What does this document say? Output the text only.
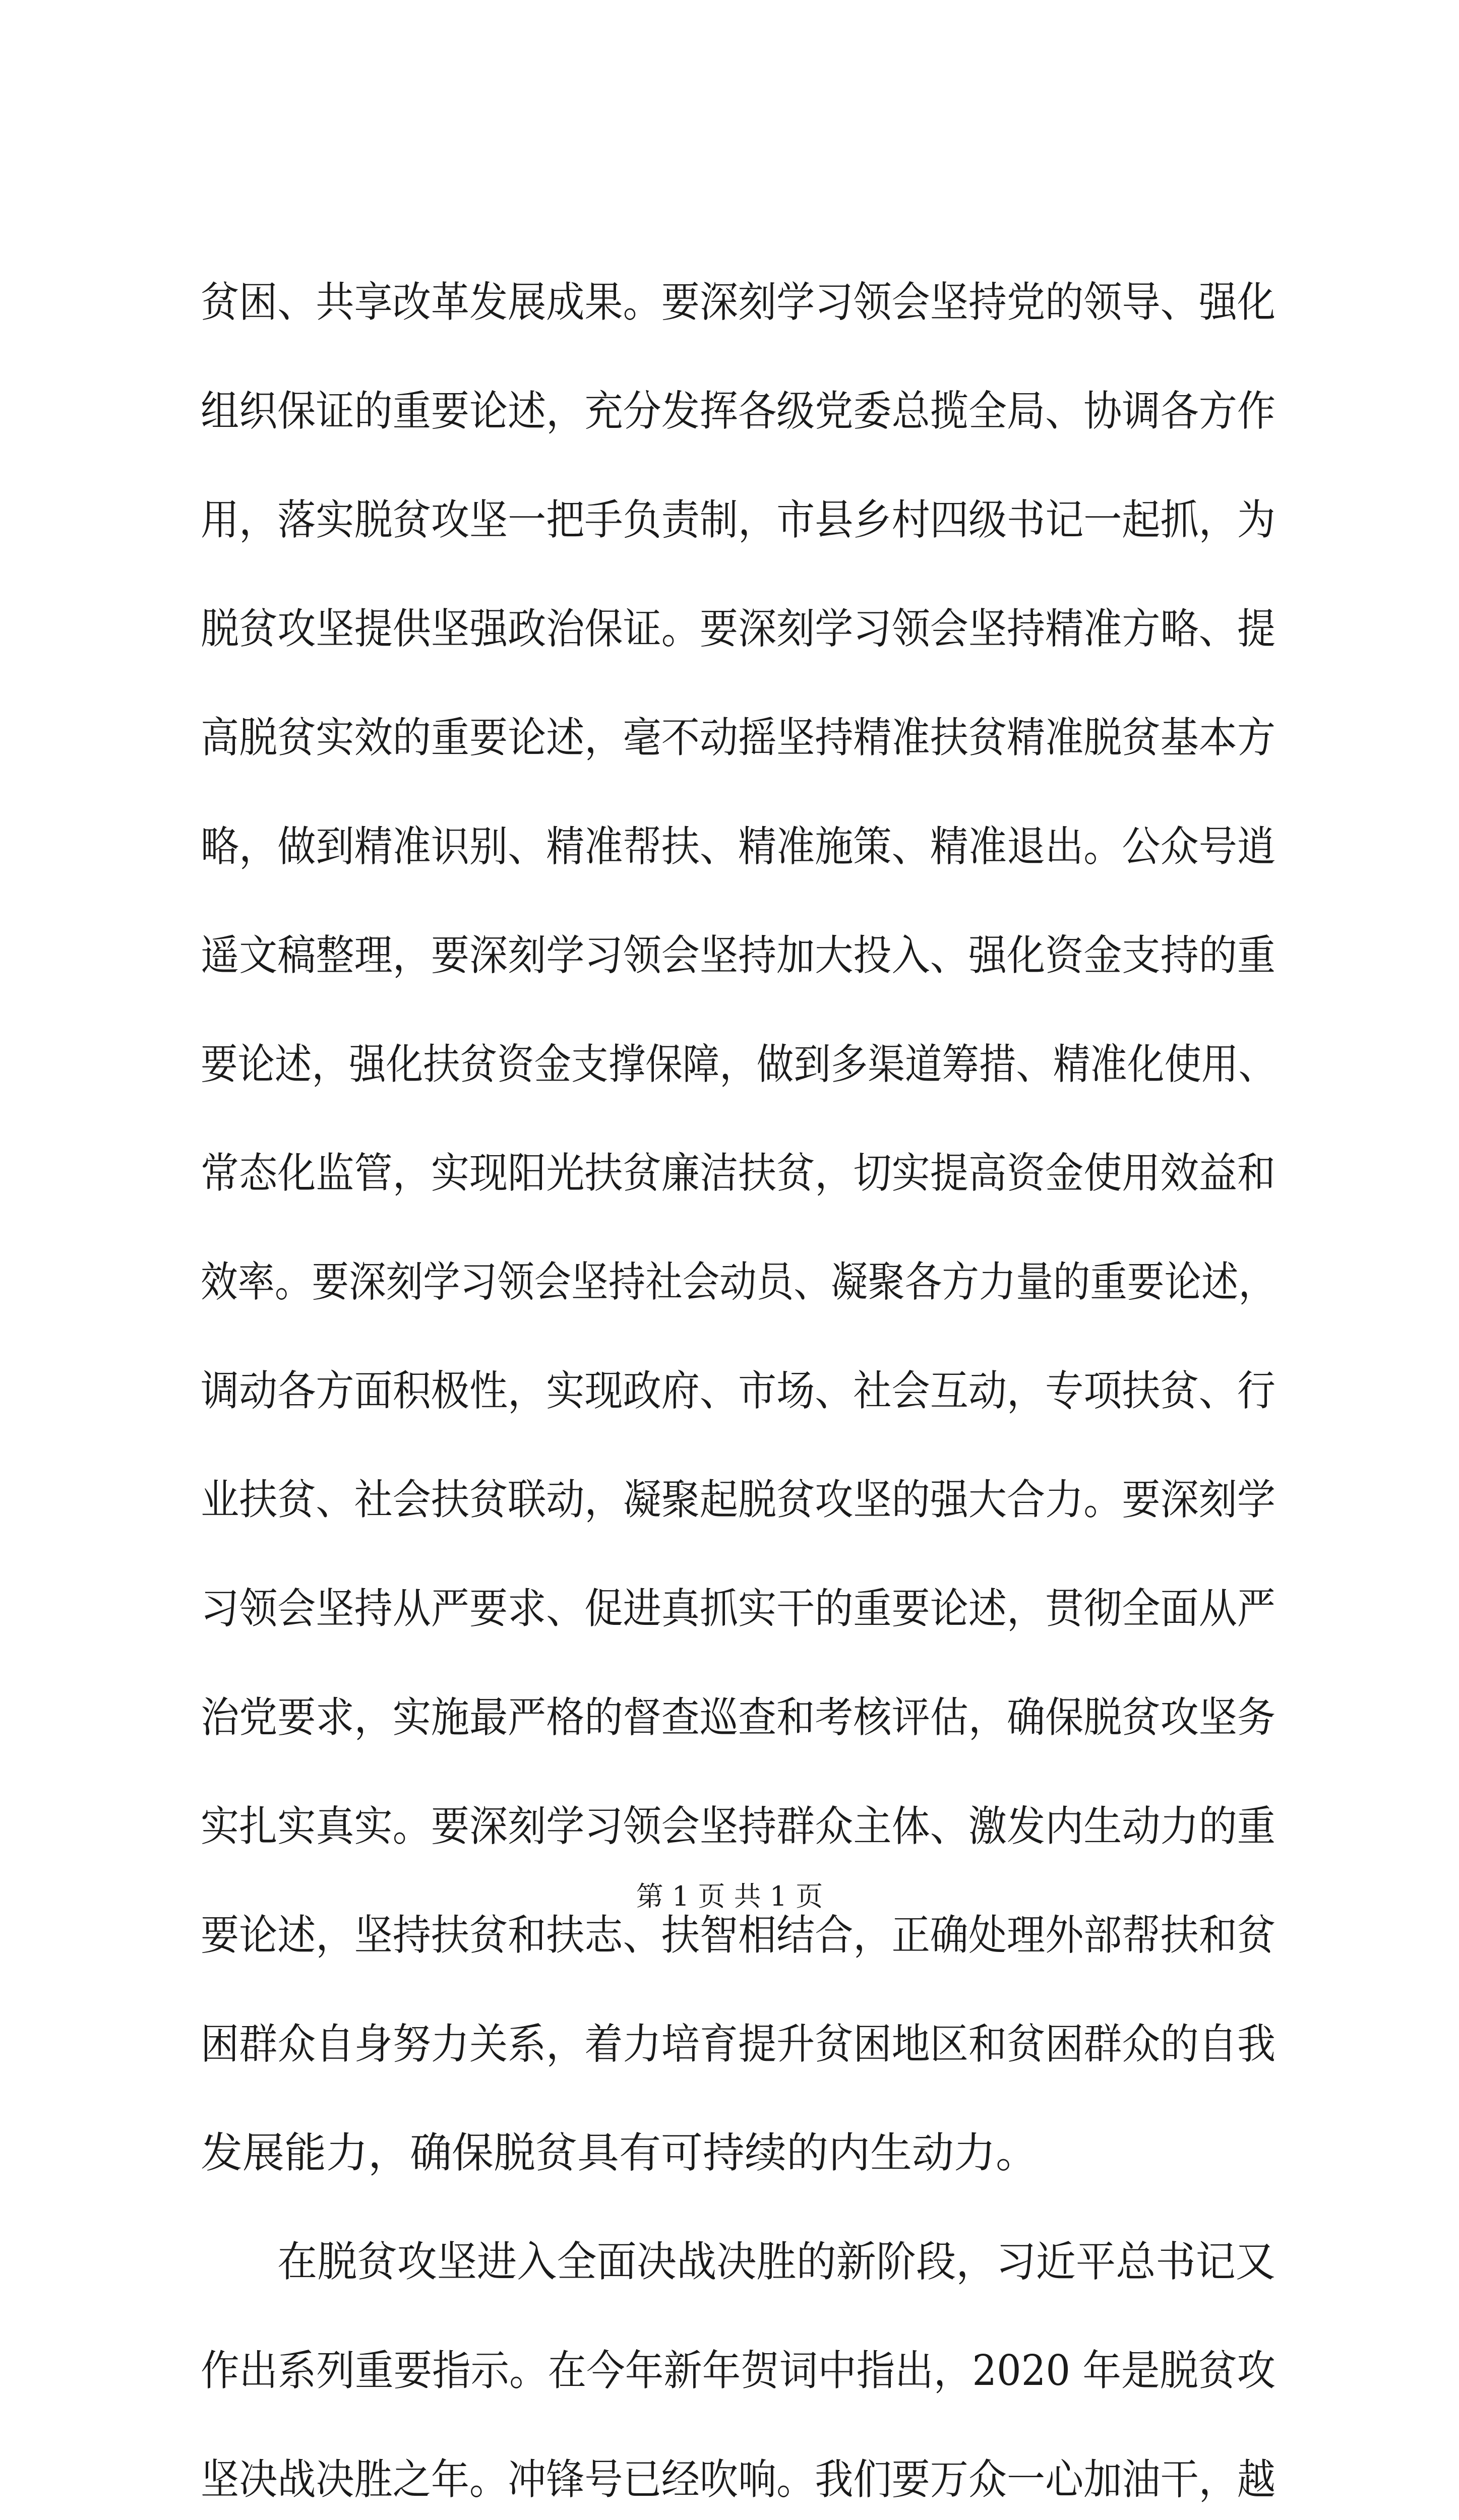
贫困、共享改革发展成果。要深刻学习领会坚持党的领导、强化
组织保证的重要论述，充分发挥各级党委总揽全局、协调各方作
用，落实脱贫攻坚一把手负责制，市县乡村四级书记一起抓，为
脱贫攻坚提供坚强政治保证。要深刻学习领会坚持精准方略、提
高脱贫实效的重要论述，毫不动摇坚持精准扶贫精准脱贫基本方
略，做到精准识别、精准帮扶、精准施策、精准退出。公众号逍
遥文稿整理，要深刻学习领会坚持加大投入、强化资金支持的重
要论述，强化扶贫资金支撑保障，做到多渠道筹措、精准化使用、
常态化监管，实现阳光扶贫廉洁扶贫，切实提高资金使用效益和
效率。要深刻学习领会坚持社会动员、凝聚各方力量的重要论述，
调动各方面积极性，实现政府、市场、社会互动，专项扶贫、行
业扶贫、社会扶贫联动，凝聚起脱贫攻坚的强大合力。要深刻学
习领会坚持从严要求、促进真抓实干的重要论述，贯彻全面从严
治党要求，实施最严格的督查巡查和考核评估，确保脱贫攻坚务
实扎实真实。要深刻学习领会坚持群众主体、激发内生动力的重
要论述，坚持扶贫和扶志、扶智相结合，正确处理外部帮扶和贫
困群众自身努力关系，着力培育提升贫困地区和贫困群众的自我
发展能力，确保脱贫具有可持续的内生动力。
在脱贫攻坚进入全面决战决胜的新阶段，习近平总书记又
作出系列重要指示。在今年新年贺词中指出，2020 年是脱贫攻
坚决战决胜之年。冲锋号已经吹响。我们要万众一心加油干，越
第 1 页 共 1 页
